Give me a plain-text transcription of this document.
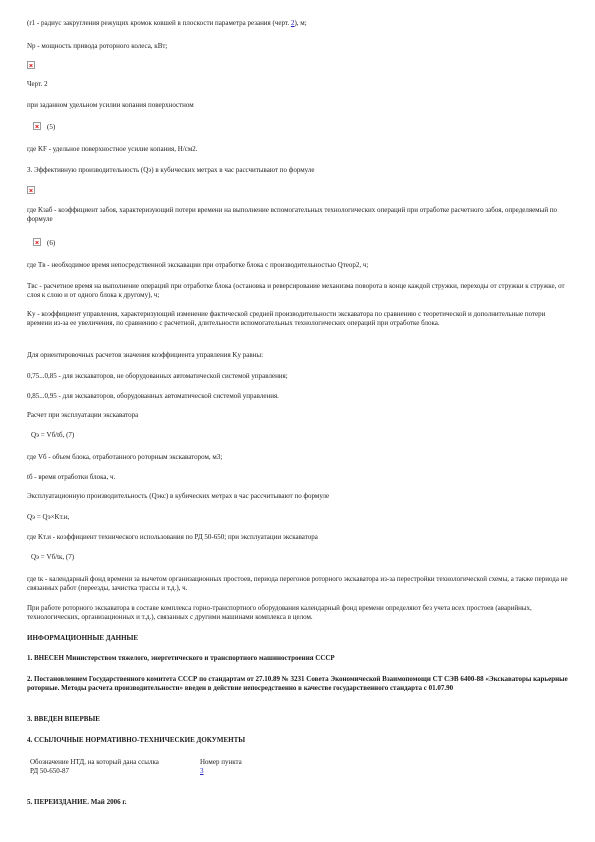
(r1 - радиус закругления режущих кромок ковшей в плоскости параметра резания (черт. 2), м;
Nр - мощность привода роторного колеса, кВт;
Черт. 2
при заданном удельном усилии копания поверхностном
(5)
где KF - удельное поверхностное усилие копания, Н/см2.
3. Эффективную производительность (Qэ) в кубических метрах в час рассчитывают по формуле
где Kзаб - коэффициент забоя, характеризующий потери времени на выполнение вспомогательных технологических операций при отработке расчетного забоя, определяемый по формуле
(6)
где Tв - необходимое время непосредственной экскавации при отработке блока с производительностью Qтеор2, ч;
Tвс - расчетное время на выполнение операций при отработке блока (остановка и реверсирование механизма поворота в конце каждой стружки, переходы от стружки к стружке, от слоя к слою и от одного блока к другому), ч;
Kу - коэффициент управления, характеризующий изменение фактической средней производительности экскаватора по сравнению с теоретической и дополнительные потери времени из-за ее увеличения, по сравнению с расчетной, длительности вспомогательных технологических операций при отработке блока.
Для ориентировочных расчетов значения коэффициента управления Kу равны:
0,75...0,85 - для экскаваторов, не оборудованных автоматической системой управления;
0,85...0,95 - для экскаваторов, оборудованных автоматической системой управления.
Расчет при эксплуатации экскаватора
Qэ = Vб/tб, (7)
где Vб - объем блока, отработанного роторным экскаватором, м3;
tб - время отработки блока, ч.
Эксплуатационную производительность (Qэкс) в кубических метрах в час рассчитывают по формуле
Qэ = Qэ×Kт.и,
где Kт.и - коэффициент технического использования по РД 50-650; при эксплуатации экскаватора
Qэ = Vб/tк, (7)
где tк - календарный фонд времени за вычетом организационных простоев, периода перегонов роторного экскаватора из-за перестройки технологической схемы, а также периода не связанных работ (переезды, зачистка трассы и т.д.), ч.
При работе роторного экскаватора в составе комплекса горно-транспортного оборудования календарный фонд времени определяют без учета всех простоев (аварийных, технологических, организационных и т.д.), связанных с другими машинами комплекса в целом.
ИНФОРМАЦИОННЫЕ ДАННЫЕ
1. ВНЕСЕН Министерством тяжелого, энергетического и транспортного машиностроения СССР
2. Постановлением Государственного комитета СССР по стандартам от 27.10.89 № 3231 Совета Экономической Взаимопомощи СТ СЭВ 6400-88 «Экскаваторы карьерные роторные. Методы расчета производительности» введен в действие непосредственно в качестве государственного стандарта с 01.07.90
3. ВВЕДЕН ВПЕРВЫЕ
4. ССЫЛОЧНЫЕ НОРМАТИВНО-ТЕХНИЧЕСКИЕ ДОКУМЕНТЫ
Обозначение НТД, на который дана ссылка	Номер пункта
РД 50-650-87	3
5. ПЕРЕИЗДАНИЕ. Май 2006 г.
